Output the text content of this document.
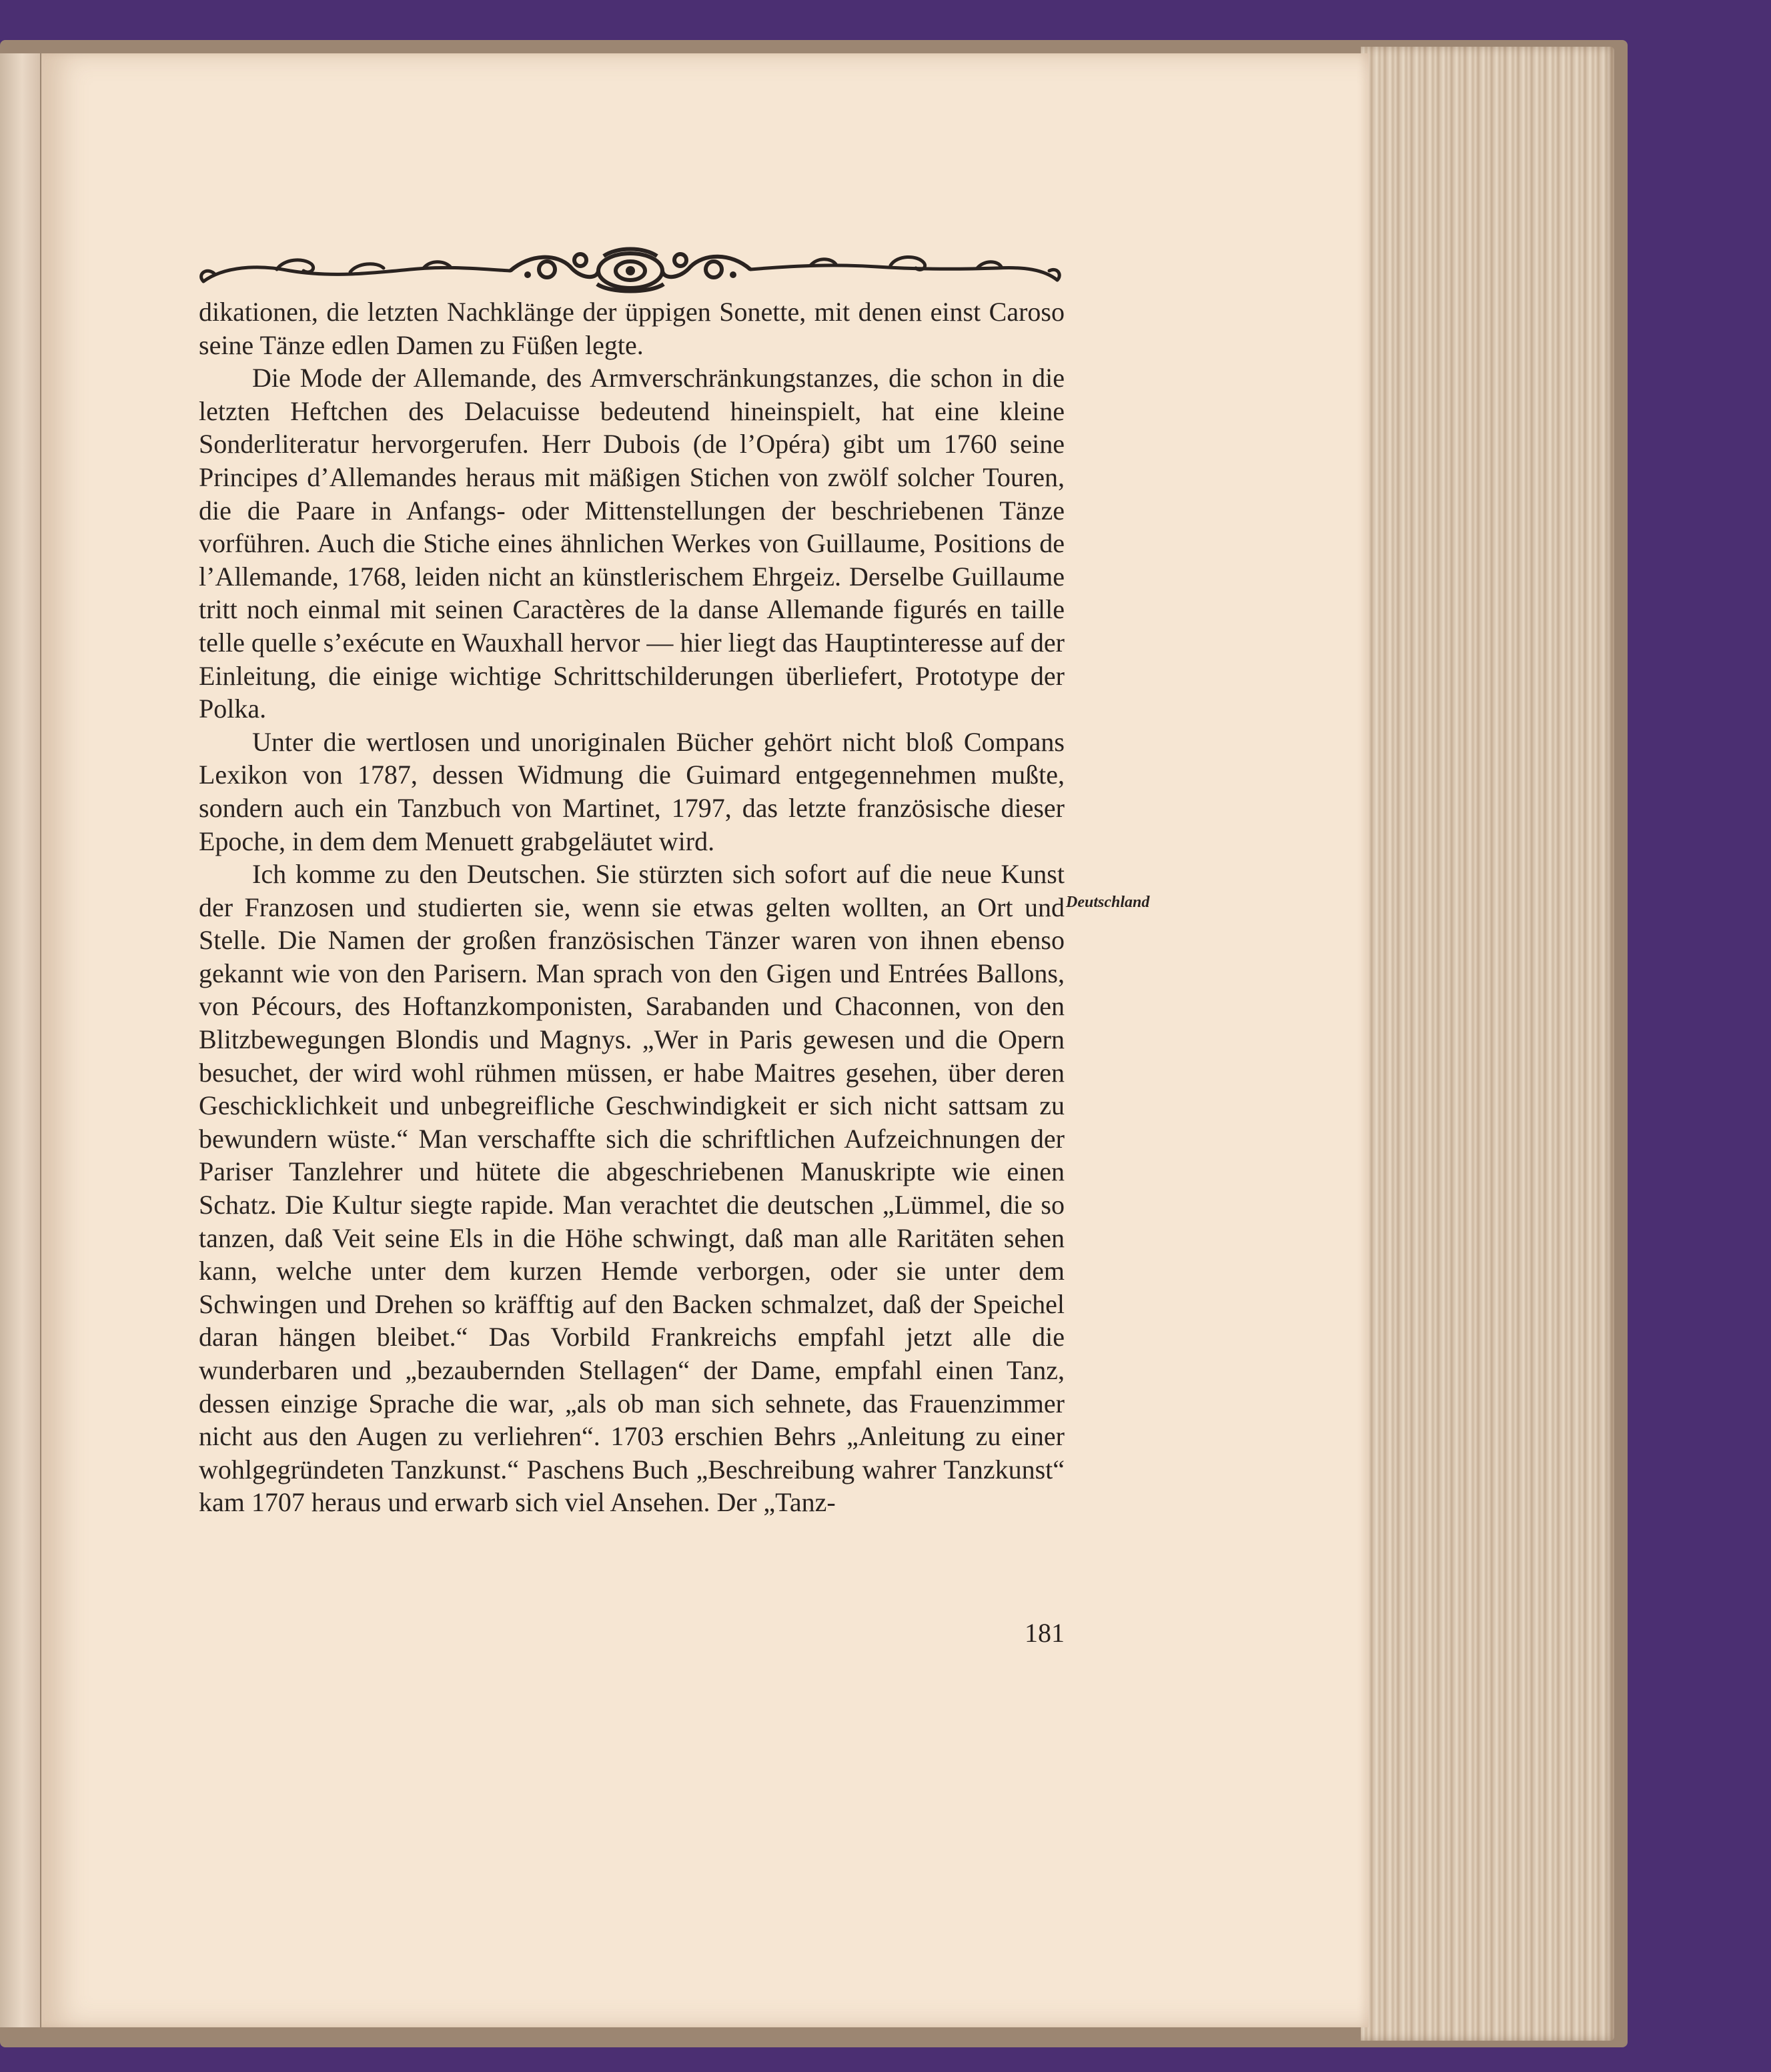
dikationen, die letzten Nachklänge der üppigen Sonette, mit denen einst Caroso seine Tänze edlen Damen zu Füßen legte.

Die Mode der Allemande, des Armverschränkungstanzes, die schon in die letzten Heftchen des Delacuisse bedeutend hineinspielt, hat eine kleine Sonderliteratur hervorgerufen. Herr Dubois (de l’Opéra) gibt um 1760 seine Principes d’Allemandes heraus mit mäßigen Stichen von zwölf solcher Touren, die die Paare in Anfangs- oder Mittenstellungen der beschriebenen Tänze vorführen. Auch die Stiche eines ähnlichen Werkes von Guillaume, Positions de l’Allemande, 1768, leiden nicht an künstlerischem Ehrgeiz. Derselbe Guillaume tritt noch einmal mit seinen Caractères de la danse Allemande figurés en taille telle quelle s’exécute en Wauxhall hervor — hier liegt das Hauptinteresse auf der Einleitung, die einige wichtige Schrittschilderungen überliefert, Prototype der Polka.

Unter die wertlosen und unoriginalen Bücher gehört nicht bloß Compans Lexikon von 1787, dessen Widmung die Guimard entgegennehmen mußte, sondern auch ein Tanzbuch von Martinet, 1797, das letzte französische dieser Epoche, in dem dem Menuett grabgeläutet wird.

Ich komme zu den Deutschen. Sie stürzten sich sofort auf die neue Kunst der Franzosen und studierten sie, wenn sie etwas gelten wollten, an Ort und Stelle. Die Namen der großen französischen Tänzer waren von ihnen ebenso gekannt wie von den Parisern. Man sprach von den Gigen und Entrées Ballons, von Pécours, des Hoftanzkomponisten, Sarabanden und Chaconnen, von den Blitzbewegungen Blondis und Magnys. „Wer in Paris gewesen und die Opern besuchet, der wird wohl rühmen müssen, er habe Maitres gesehen, über deren Geschicklichkeit und unbegreifliche Geschwindigkeit er sich nicht sattsam zu bewundern wüste.“ Man verschaffte sich die schriftlichen Aufzeichnungen der Pariser Tanzlehrer und hütete die abgeschriebenen Manuskripte wie einen Schatz. Die Kultur siegte rapide. Man verachtet die deutschen „Lümmel, die so tanzen, daß Veit seine Els in die Höhe schwingt, daß man alle Raritäten sehen kann, welche unter dem kurzen Hemde verborgen, oder sie unter dem Schwingen und Drehen so kräfftig auf den Backen schmalzet, daß der Speichel daran hängen bleibet.“ Das Vorbild Frankreichs empfahl jetzt alle die wunderbaren und „bezaubernden Stellagen“ der Dame, empfahl einen Tanz, dessen einzige Sprache die war, „als ob man sich sehnete, das Frauenzimmer nicht aus den Augen zu verliehren“. 1703 erschien Behrs „Anleitung zu einer wohlgegründeten Tanzkunst.“ Paschens Buch „Beschreibung wahrer Tanzkunst“ kam 1707 heraus und erwarb sich viel Ansehen. Der „Tanz-

Deutschland
181
